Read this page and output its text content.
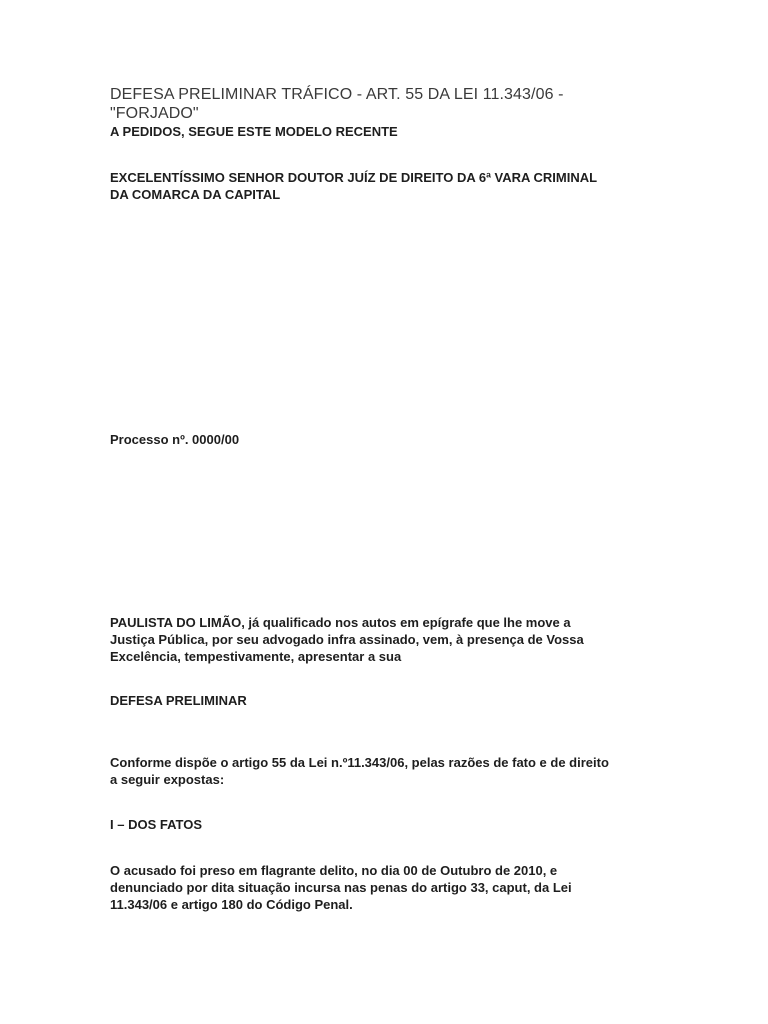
DEFESA PRELIMINAR TRÁFICO - ART. 55 DA LEI 11.343/06 -
"FORJADO"
A PEDIDOS, SEGUE ESTE MODELO RECENTE
EXCELENTÍSSIMO SENHOR DOUTOR JUÍZ DE DIREITO DA 6ª VARA CRIMINAL
DA COMARCA DA CAPITAL
Processo nº. 0000/00
PAULISTA DO LIMÃO, já qualificado nos autos em epígrafe que lhe move a
Justiça Pública, por seu advogado infra assinado, vem, à presença de Vossa
Excelência, tempestivamente, apresentar a sua
DEFESA PRELIMINAR
Conforme dispõe o artigo 55 da Lei n.º11.343/06, pelas razões de fato e de direito
a seguir expostas:
I – DOS FATOS
O acusado foi preso em flagrante delito, no dia 00 de Outubro de 2010, e
denunciado por dita situação incursa nas penas do artigo 33, caput, da Lei
11.343/06 e artigo 180 do Código Penal.
